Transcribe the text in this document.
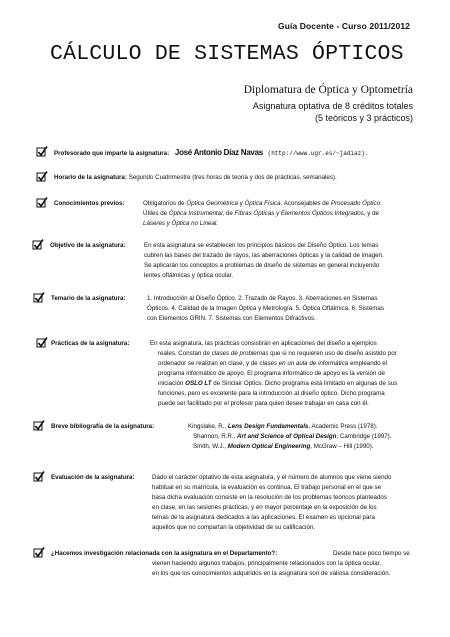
Guía Docente - Curso 2011/2012
CÁLCULO DE SISTEMAS ÓPTICOS
Diplomatura de Óptica y Optometría
Asignatura optativa de 8 créditos totales
(5 teóricos y 3 prácticos)
Profesorado que imparte la asignatura: José Antonio Díaz Navas (http://www.ugr.es/~jadiaz).
Horario de la asignatura: Segundo Cuatrimestre (tres horas de teoría y dos de prácticas, semanales).
Conocimientos previos:	Obligatorios de Óptica Geométrica y Óptica Física. Aconsejables de Procesado Óptico.
Útiles de Óptica Instrumental, de Fibras Ópticas y Elementos Ópticos Integrados, y de
Láseres y Óptica no Lineal.
Objetivo de la asignatura:	En esta asignatura se establecen los principios básicos del Diseño Óptico. Los temas
cubren las bases del trazado de rayos, las aberraciones ópticas y la calidad de imagen.
Se aplicarán los conceptos a problemas de diseño de sistemas en general incluyendo
lentes oftálmicas y óptica ocular.
Temario de la asignatura:	1. Introducción al Diseño Óptico. 2. Trazado de Rayos. 3. Aberraciones en Sistemas
Ópticos. 4. Calidad de la Imagen Óptica y Metrología. 5. Óptica Oftálmica. 6. Sistemas
con Elementos GRIN. 7. Sistemas con Elementos Difractivos.
Prácticas de la asignatura:	En esta asignatura, las prácticas consistirán en aplicaciones del diseño a ejemplos
reales. Constan de clases de problemas que si no requieren uso de diseño asistido por
ordenador se realizan en clase, y de clases en un aula de informática empleando el
programa informático de apoyo. El programa informático de apoyo es la versión de
iniciación OSLO LT de Sinclair Optics. Dicho programa está limitado en algunas de sus
funciones, pero es excelente para la introducción al diseño óptico. Dicho programa
puede ser facilitado por el profesor para quien desee trabajar en casa con él.
Breve bibliografía de la asignatura:	Kingslake, R., Lens Design Fundamentals, Academic Press (1978).
Shannon, R.R., Art and Science of Optical Design, Cambridge (1997).
Smith, W.J., Modern Optical Engineering, McGraw – Hill (1990).
Evaluación de la asignatura:	Dado el carácter optativo de esta asignatura, y el número de alumnos que viene siendo
habitual en su matrícula, la evaluación es continua. El trabajo personal en el que se
basa dicha evaluación consiste en la resolución de los problemas teóricos planteados
en clase, en las sesiones prácticas, y en mayor porcentaje en la exposición de los
temas de la asignatura dedicados a las aplicaciones. El examen es opcional para
aquellos que no compartan la objetividad de su calificación.
¿Hacemos investigación relacionada con la asignatura en el Departamento?:	Desde hace poco tiempo se
vienen haciendo algunos trabajos, principalmente relacionados con la óptica ocular,
en los que los conocimientos adquiridos en la asignatura son de valiosa consideración.
